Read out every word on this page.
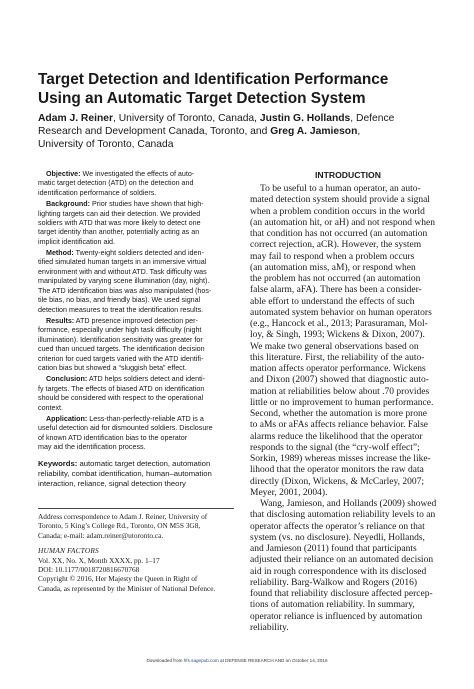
Target Detection and Identification Performance
Using an Automatic Target Detection System
Adam J. Reiner, University of Toronto, Canada, Justin G. Hollands, Defence
Research and Development Canada, Toronto, and Greg A. Jamieson,
University of Toronto, Canada
Objective: We investigated the effects of auto-
matic target detection (ATD) on the detection and
identification performance of soldiers.
Background: Prior studies have shown that high-
lighting targets can aid their detection. We provided
soldiers with ATD that was more likely to detect one
target identity than another, potentially acting as an
implicit identification aid.
Method: Twenty-eight soldiers detected and iden-
tified simulated human targets in an immersive virtual
environment with and without ATD. Task difficulty was
manipulated by varying scene illumination (day, night).
The ATD identification bias was also manipulated (hos-
tile bias, no bias, and friendly bias). We used signal
detection measures to treat the identification results.
Results: ATD presence improved detection per-
formance, especially under high task difficulty (night
illumination). Identification sensitivity was greater for
cued than uncued targets. The identification decision
criterion for cued targets varied with the ATD identifi-
cation bias but showed a “sluggish beta” effect.
Conclusion: ATD helps soldiers detect and identi-
fy targets. The effects of biased ATD on identification
should be considered with respect to the operational
context.
Application: Less-than-perfectly-reliable ATD is a
useful detection aid for dismounted soldiers. Disclosure
of known ATD identification bias to the operator
may aid the identification process.
Keywords: automatic target detection, automation
reliability, combat identification, human–automation
interaction, reliance, signal detection theory
INTRODUCTION
To be useful to a human operator, an auto-
mated detection system should provide a signal
when a problem condition occurs in the world
(an automation hit, or aH) and not respond when
that condition has not occurred (an automation
correct rejection, aCR). However, the system
may fail to respond when a problem occurs
(an automation miss, aM), or respond when
the problem has not occurred (an automation
false alarm, aFA). There has been a consider-
able effort to understand the effects of such
automated system behavior on human operators
(e.g., Hancock et al., 2013; Parasuraman, Mol-
loy, & Singh, 1993; Wickens & Dixon, 2007).
We make two general observations based on
this literature. First, the reliability of the auto-
mation affects operator performance. Wickens
and Dixon (2007) showed that diagnostic auto-
mation at reliabilities below about .70 provides
little or no improvement to human performance.
Second, whether the automation is more prone
to aMs or aFAs affects reliance behavior. False
alarms reduce the likelihood that the operator
responds to the signal (the “cry-wolf effect”;
Sorkin, 1989) whereas misses increase the like-
lihood that the operator monitors the raw data
directly (Dixon, Wickens, & McCarley, 2007;
Meyer, 2001, 2004).
Wang, Jamieson, and Hollands (2009) showed
that disclosing automation reliability levels to an
operator affects the operator’s reliance on that
system (vs. no disclosure). Neyedli, Hollands,
and Jamieson (2011) found that participants
adjusted their reliance on an automated decision
aid in rough correspondence with its disclosed
reliability. Barg-Walkow and Rogers (2016)
found that reliability disclosure affected percep-
tions of automation reliability. In summary,
operator reliance is influenced by automation
reliability.
Address correspondence to Adam J. Reiner, University of
Toronto, 5 King’s College Rd., Toronto, ON M5S 3G8,
Canada; e-mail: adam.reiner@utoronto.ca.
HUMAN FACTORS
Vol. XX, No. X, Month XXXX, pp. 1–17
DOI: 10.1177/0018720816670768
Copyright © 2016, Her Majesty the Queen in Right of
Canada, as represented by the Minister of National Defence.
Downloaded from hfs.sagepub.com at DEFENSE RESEARCH AND on October 14, 2016
